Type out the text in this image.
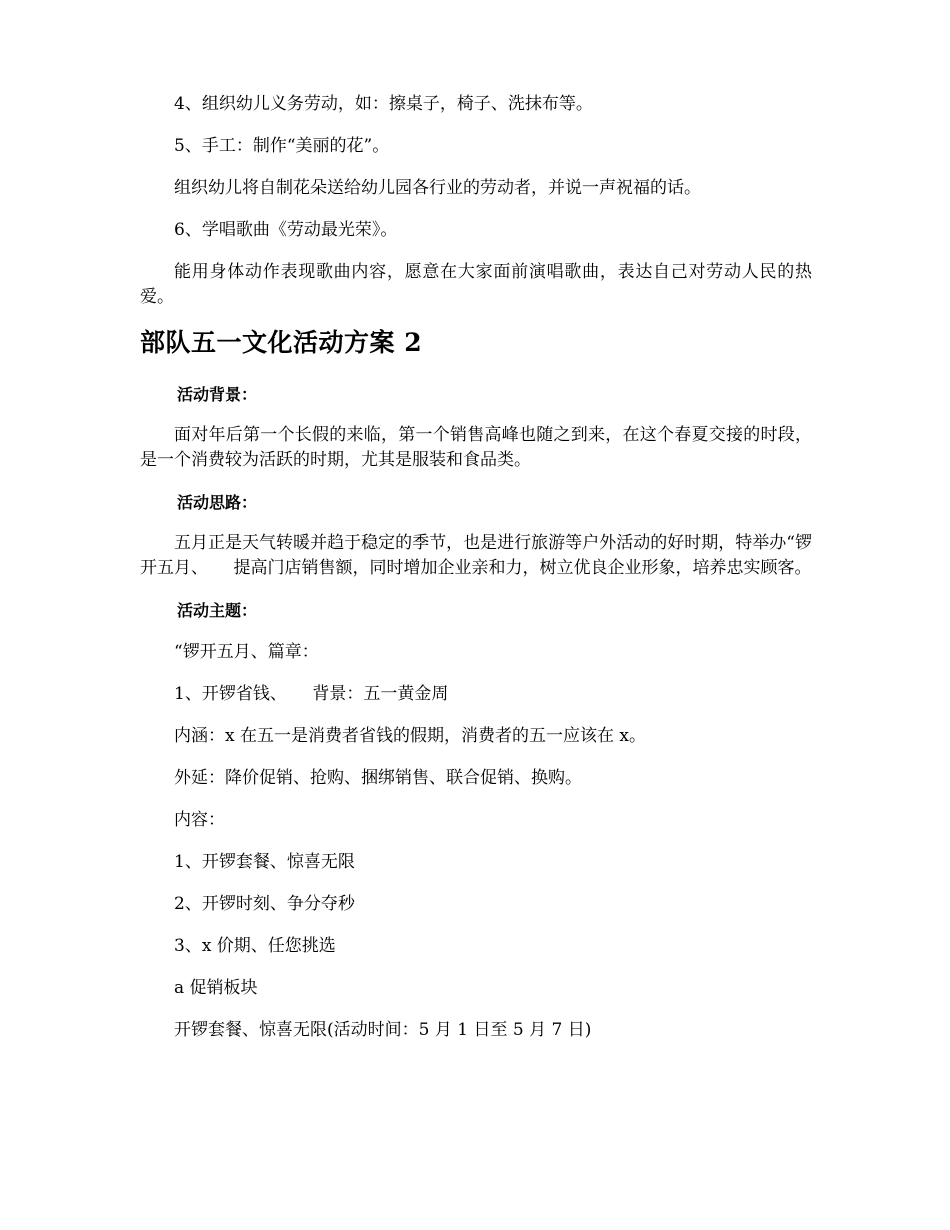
4、组织幼儿义务劳动，如：擦桌子，椅子、洗抹布等。

5、手工：制作“美丽的花”。

组织幼儿将自制花朵送给幼儿园各行业的劳动者，并说一声祝福的话。

6、学唱歌曲《劳动最光荣》。

能用身体动作表现歌曲内容，愿意在大家面前演唱歌曲，表达自己对劳动人民的热爱。

部队五一文化活动方案 2

活动背景：

面对年后第一个长假的来临，第一个销售高峰也随之到来，在这个春夏交接的时段，是一个消费较为活跃的时期，尤其是服装和食品类。

活动思路：

五月正是天气转暖并趋于稳定的季节，也是进行旅游等户外活动的好时期，特举办“锣开五月、　　提高门店销售额，同时增加企业亲和力，树立优良企业形象，培养忠实顾客。

活动主题：

“锣开五月、篇章：

1、开锣省钱、　　背景：五一黄金周

内涵：x 在五一是消费者省钱的假期，消费者的五一应该在 x。

外延：降价促销、抢购、捆绑销售、联合促销、换购。

内容：

1、开锣套餐、惊喜无限

2、开锣时刻、争分夺秒

3、x 价期、任您挑选

a 促销板块

开锣套餐、惊喜无限(活动时间：5 月 1 日至 5 月 7 日)
